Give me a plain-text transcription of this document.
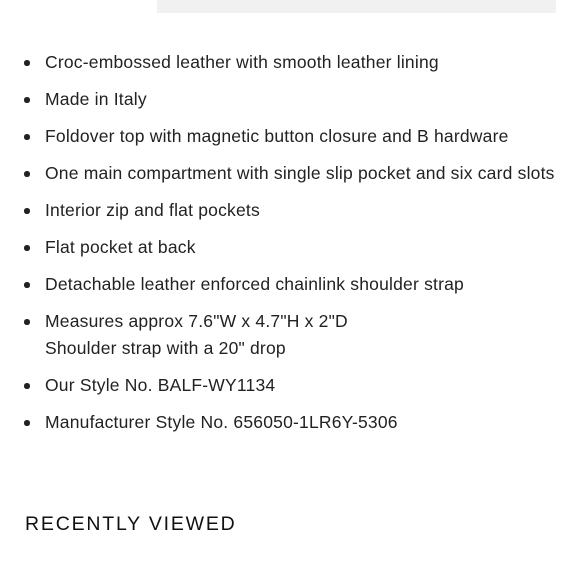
Croc-embossed leather with smooth leather lining
Made in Italy
Foldover top with magnetic button closure and B hardware
One main compartment with single slip pocket and six card slots
Interior zip and flat pockets
Flat pocket at back
Detachable leather enforced chainlink shoulder strap
Measures approx 7.6"W x 4.7"H x 2"D
Shoulder strap with a 20" drop
Our Style No. BALF-WY1134
Manufacturer Style No. 656050-1LR6Y-5306
RECENTLY VIEWED
